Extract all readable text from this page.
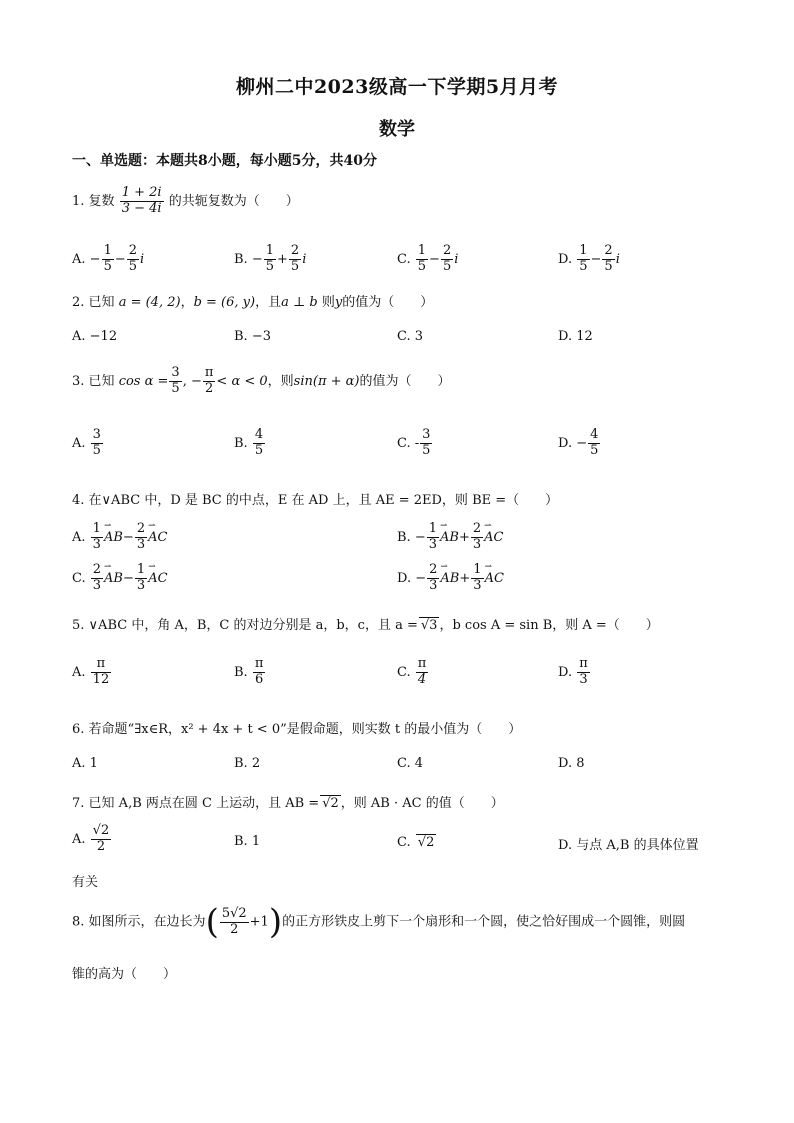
柳州二中2023级高一下学期5月月考
数学
一、单选题：本题共8小题，每小题5分，共40分
1. 复数 $\frac{1 + 2i}{3 - 4i}$ 的共轭复数为（　　）
A. − $\frac{1}{5} - \frac{2}{5}$ i	B. − $\frac{1}{5} + \frac{2}{5}$ i	C. $\frac{1}{5} - \frac{2}{5}$ i	D. $\frac{1}{5} - \frac{2}{5}$ i
2. 已知 a = (4, 2)，b = (6, y)，且a ⊥ b 则y的值为（　　）
A. −12	B. −3	C. 3	D. 12
3. 已知 $\cos \alpha = \frac{3}{5}$ , − $\frac{\pi}{2} < \alpha < 0$，则sin(π + α)的值为（　　）
A. $\frac{3}{5}$	B. $\frac{4}{5}$	C. - $\frac{3}{5}$	D. − $\frac{4}{5}$
4. 在∨ABC 中，D 是 BC 的中点，E 在 AD 上，且 AE = 2ED，则 BE =（　　）
A. $\frac{1}{3}$ ⇀ $AB- \frac{2}{3}$ ⇀ AC	B. − $\frac{1}{3}$ ⇀ $AB+ \frac{2}{3}$ ⇀ AC
C. $\frac{2}{3}$ ⇀ $AB- \frac{1}{3}$ ⇀ AC	D. − $\frac{2}{3}$ ⇀ $AB+ \frac{1}{3}$ ⇀ AC
5. ∨ABC 中，角 A，B，C 的对边分别是 a，b，c，且 a = √3 ，b cos A = sin B，则 A =（　　）
A. $\frac{\pi}{12}$	B. $\frac{\pi}{6}$	C. $\frac{\pi}{4}$	D. $\frac{\pi}{3}$
6. 若命题“∃x∈R，x² + 4x + t < 0”是假命题，则实数 t 的最小值为（　　）
A. 1	B. 2	C. 4	D. 8
7. 已知 A,B 两点在圆 C 上运动，且 AB = √2 ，则 AB · AC 的值（　　）
A. $\frac{√2}{2}$	B. 1	C. √2	D. 与点 A,B 的具体位置
有关
8. 如图所示，在边长为( $\frac{5√2}{2} +1$)的正方形铁皮上剪下一个扇形和一个圆，使之恰好围成一个圆锥，则圆
锥的高为（　　）
